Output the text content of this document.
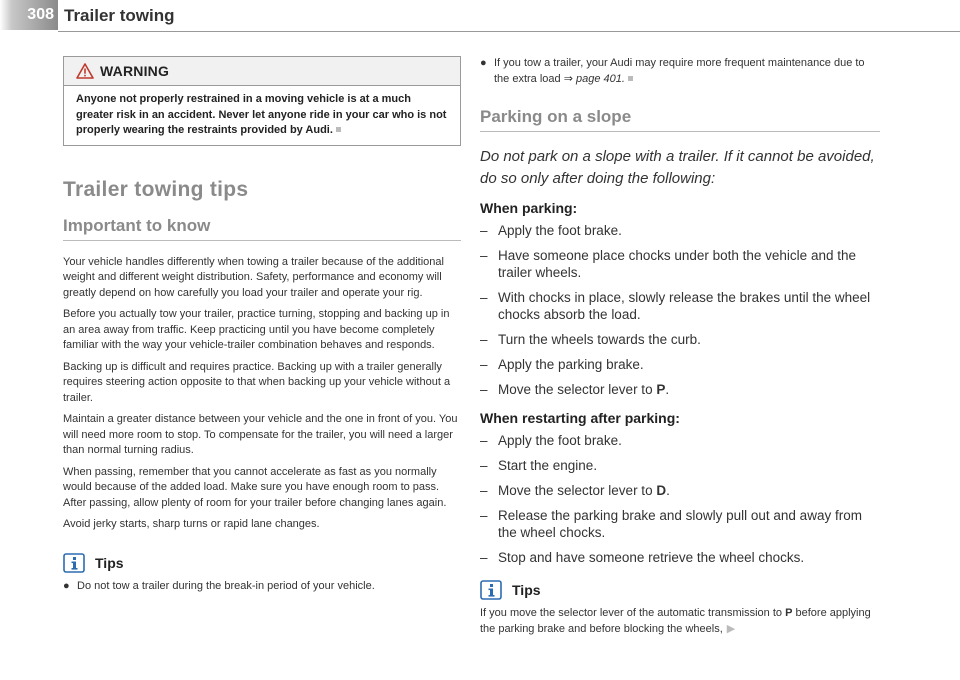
308 Trailer towing
WARNING
Anyone not properly restrained in a moving vehicle is at a much greater risk in an accident. Never let anyone ride in your car who is not properly wearing the restraints provided by Audi.
Trailer towing tips
Important to know

Your vehicle handles differently when towing a trailer because of the additional weight and different weight distribution. Safety, performance and economy will greatly depend on how carefully you load your trailer and operate your rig.

Before you actually tow your trailer, practice turning, stopping and backing up in an area away from traffic. Keep practicing until you have become completely familiar with the way your vehicle-trailer combination behaves and responds.

Backing up is difficult and requires practice. Backing up with a trailer generally requires steering action opposite to that when backing up your vehicle without a trailer.

Maintain a greater distance between your vehicle and the one in front of you. You will need more room to stop. To compensate for the trailer, you will need a larger than normal turning radius.

When passing, remember that you cannot accelerate as fast as you normally would because of the added load. Make sure you have enough room to pass. After passing, allow plenty of room for your trailer before changing lanes again.

Avoid jerky starts, sharp turns or rapid lane changes.

Tips
● Do not tow a trailer during the break-in period of your vehicle.
● If you tow a trailer, your Audi may require more frequent maintenance due to the extra load ⇒ page 401.
Parking on a slope
Do not park on a slope with a trailer. If it cannot be avoided, do so only after doing the following:
When parking:
– Apply the foot brake.
– Have someone place chocks under both the vehicle and the trailer wheels.
– With chocks in place, slowly release the brakes until the wheel chocks absorb the load.
– Turn the wheels towards the curb.
– Apply the parking brake.
– Move the selector lever to P.
When restarting after parking:
– Apply the foot brake.
– Start the engine.
– Move the selector lever to D.
– Release the parking brake and slowly pull out and away from the wheel chocks.
– Stop and have someone retrieve the wheel chocks.
Tips
If you move the selector lever of the automatic transmission to P before applying the parking brake and before blocking the wheels, ▶
